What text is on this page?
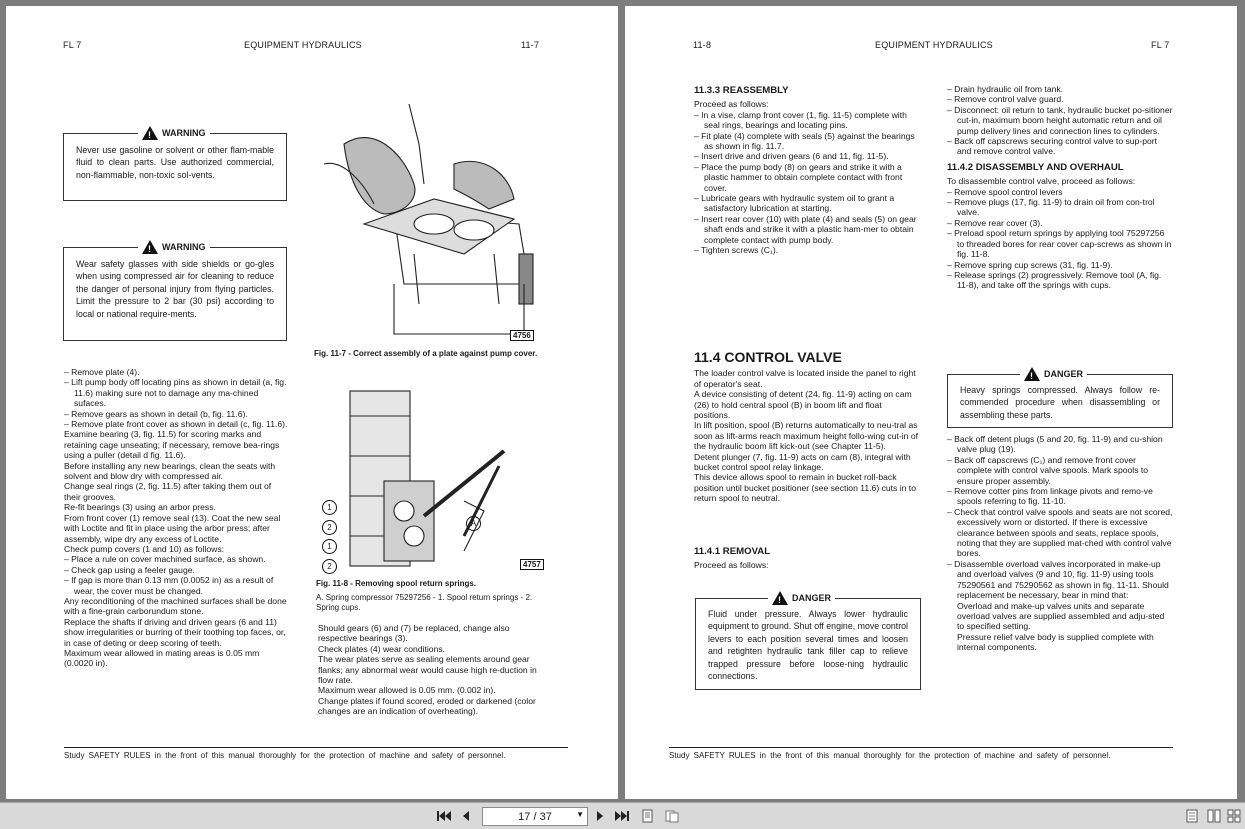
FL 7	EQUIPMENT HYDRAULICS	11-7
!
WARNING
Never use gasoline or solvent or other flam-mable fluid to clean parts. Use authorized commercial, non-flammable, non-toxic sol-vents.
!
WARNING
Wear safety glasses with side shields or go-gles when using compressed air for cleaning to reduce the danger of personal injury from flying particles. Limit the pressure to 2 bar (30 psi) according to local or national require-ments.
4756
Fig. 11-7 - Correct assembly of a plate against pump cover.
1
2
1
2
A
4757
Fig. 11-8 - Removing spool return springs.
A. Spring compressor 75297256 - 1. Spool return springs - 2. Spring cups.

– Remove plate (4).

– Lift pump body off locating pins as shown in detail (a, fig. 11.6) making sure not to damage any ma-chined sufaces.

– Remove gears as shown in detail (b, fig. 11.6).

– Remove plate front cover as shown in detail (c, fig. 11.6).

Examine bearing (3, fig. 11.5) for scoring marks and retaining cage unseating; if necessary, remove bea-rings using a puller (detail d fig. 11.6).

Before installing any new bearings, clean the seats with solvent and blow dry with compressed air.

Change seal rings (2, fig. 11.5) after taking them out of their grooves.

Re-fit bearings (3) using an arbor press.

From front cover (1) remove seal (13). Coat the new seal with Loctite and fit in place using the arbor press; after assembly, wipe dry any excess of Loctite.

Check pump covers (1 and 10) as follows:

– Place a rule on cover machined surface, as shown.

– Check gap using a feeler gauge.

– If gap is more than 0.13 mm (0.0052 in) as a result of wear, the cover must be changed.

Any reconditioning of the machined surfaces shall be done with a fine-grain carborundum stone.

Replace the shafts if driving and driven gears (6 and 11) show irregularities or burring of their toothing top faces, or, in case of deting or deep scoring of teeth.

Maximum wear allowed in mating areas is 0.05 mm (0.0020 in).

Should gears (6) and (7) be replaced, change also respective bearings (3).

Check plates (4) wear conditions.

The wear plates serve as sealing elements around gear flanks; any abnormal wear would cause high re-duction in flow rate.

Maximum wear allowed is 0.05 mm. (0.002 in).

Change plates if found scored, eroded or darkened (color changes are an indication of overheating).

Study SAFETY RULES in the front of this manual thoroughly for the protection of machine and safety of personnel.
11-8	EQUIPMENT HYDRAULICS	FL 7
11.3.3 REASSEMBLY

Proceed as follows:

– In a vise, clamp front cover (1, fig. 11-5) complete with seal rings, bearings and locating pins.

– Fit plate (4) complete with seals (5) against the bearings as shown in fig. 11.7.

– Insert drive and driven gears (6 and 11, fig. 11-5).

– Place the pump body (8) on gears and strike it with a plastic hammer to obtain complete contact with front cover.

– Lubricate gears with hydraulic system oil to grant a satisfactory lubrication at starting.

– Insert rear cover (10) with plate (4) and seals (5) on gear shaft ends and strike it with a plastic ham-mer to obtain complete contact with pump body.

– Tighten screws (C₁).

11.4 CONTROL VALVE

The loader control valve is located inside the panel to right of operator's seat.

A device consisting of detent (24, fig. 11-9) acting on cam (26) to hold central spool (B) in boom lift and float positions.

In lift position, spool (B) returns automatically to neu-tral as soon as lift-arms reach maximum height follo-wing cut-in of the hydraulic boom lift kick-out (see Chapter 11-5).

Detent plunger (7, fig. 11-9) acts on cam (8), integral with bucket control spool relay linkage.

This device allows spool to remain in bucket roll-back position until bucket positioner (see section 11.6) cuts in to return spool to neutral.

11.4.1 REMOVAL

Proceed as follows:

!
DANGER
Fluid under pressure. Always lower hydraulic equipment to ground. Shut off engine, move control levers to each position several times and loosen and retighten hydraulic tank filler cap to relieve trapped pressure before loose-ning hydraulic connections.

– Drain hydraulic oil from tank.

– Remove control valve guard.

– Disconnect: oil return to tank, hydraulic bucket po-sitioner cut-in, maximum boom height automatic return and oil pump delivery lines and connection lines to cylinders.

– Back off capscrews securing control valve to sup-port and remove control valve.

11.4.2 DISASSEMBLY AND OVERHAUL

To disassemble control valve, proceed as follows:

– Remove spool control levers

– Remove plugs (17, fig. 11-9) to drain oil from con-trol valve.

– Remove rear cover (3).

– Preload spool return springs by applying tool 75297256 to threaded bores for rear cover cap-screws as shown in fig. 11-8.

– Remove spring cup screws (31, fig. 11-9).

– Release springs (2) progressively. Remove tool (A, fig. 11-8), and take off the springs with cups.

!
DANGER
Heavy springs compressed. Always follow re-commended procedure when disassembling or assembling these parts.

– Back off detent plugs (5 and 20, fig. 11-9) and cu-shion valve plug (19).

– Back off capscrews (C₁) and remove front cover complete with control valve spools. Mark spools to ensure proper assembly.

– Remove cotter pins from linkage pivots and remo-ve spools referring to fig. 11-10.

– Check that control valve spools and seats are not scored, excessively worn or distorted. If there is excessive clearance between spools and seats, replace spools, noting that they are supplied mat-ched with control valve bores.

– Disassemble overload valves incorporated in make-up and overload valves (9 and 10, fig. 11-9) using tools 75290561 and 75290562 as shown in fig. 11-11. Should replacement be necessary, bear in mind that:

Overload and make-up valves units and separate overload valves are supplied assembled and adju-sted to specified setting.

Pressure relief valve body is supplied complete with internal components.

Study SAFETY RULES in the front of this manual thoroughly for the protection of machine and safety of personnel.
17 / 37	▼
